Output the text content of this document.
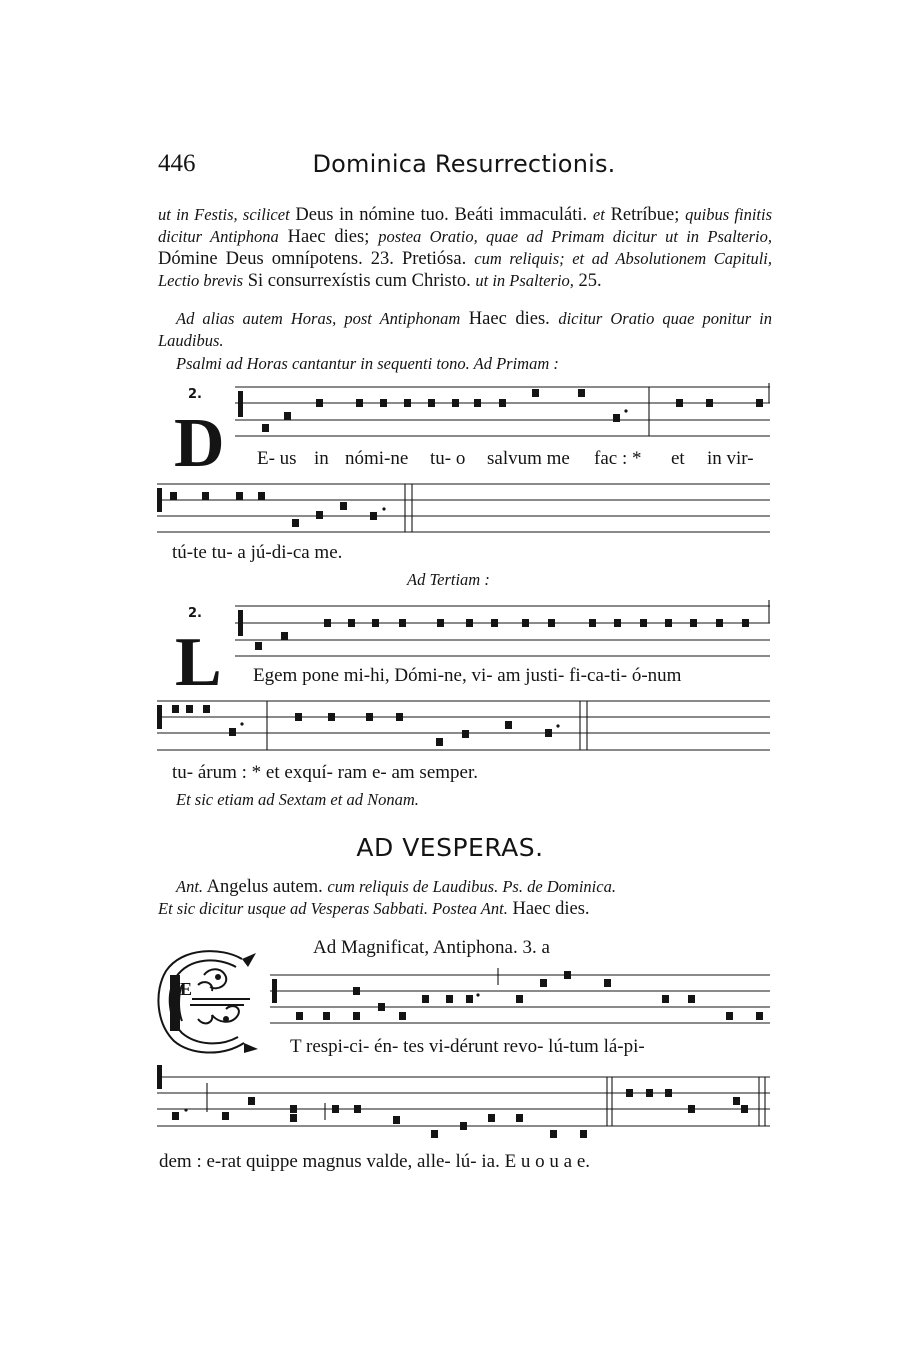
446	Dominica Resurrectionis.
ut in Festis, scilicet Deus in nómine tuo. Beáti immaculáti. et Retríbue; quibus finitis dicitur Antiphona Haec dies; postea Oratio, quae ad Primam dicitur ut in Psalterio, Dómine Deus omnípotens. 23. Pretiósa. cum reliquis; et ad Absolutionem Capituli, Lectio brevis Si consurrexístis cum Christo. ut in Psalterio, 25.
Ad alias autem Horas, post Antiphonam Haec dies. dicitur Oratio quae ponitur in Laudibus.
Psalmi ad Horas cantantur in sequenti tono. Ad Primam :
2.
D E- us in nómi-ne tu- o salvum me fac : * et in vir-
tú-te tu- a jú-di-ca me.
Ad Tertiam :
2.
L Egem pone mi-hi, Dómi-ne, vi- am justi- fi-ca-ti- ó-num
tu- árum : * et exquí- ram e- am semper.
Et sic etiam ad Sextam et ad Nonam.
AD VESPERAS.
Ant. Angelus autem. cum reliquis de Laudibus. Ps. de Dominica.
Et sic dicitur usque ad Vesperas Sabbati. Postea Ant. Haec dies.
Ad Magnificat, Antiphona. 3. a
E
T respi-ci- én- tes vi-dérunt revo- lú-tum lá-pi-
dem : e-rat quippe magnus valde, alle- lú- ia. E u o u a e.
